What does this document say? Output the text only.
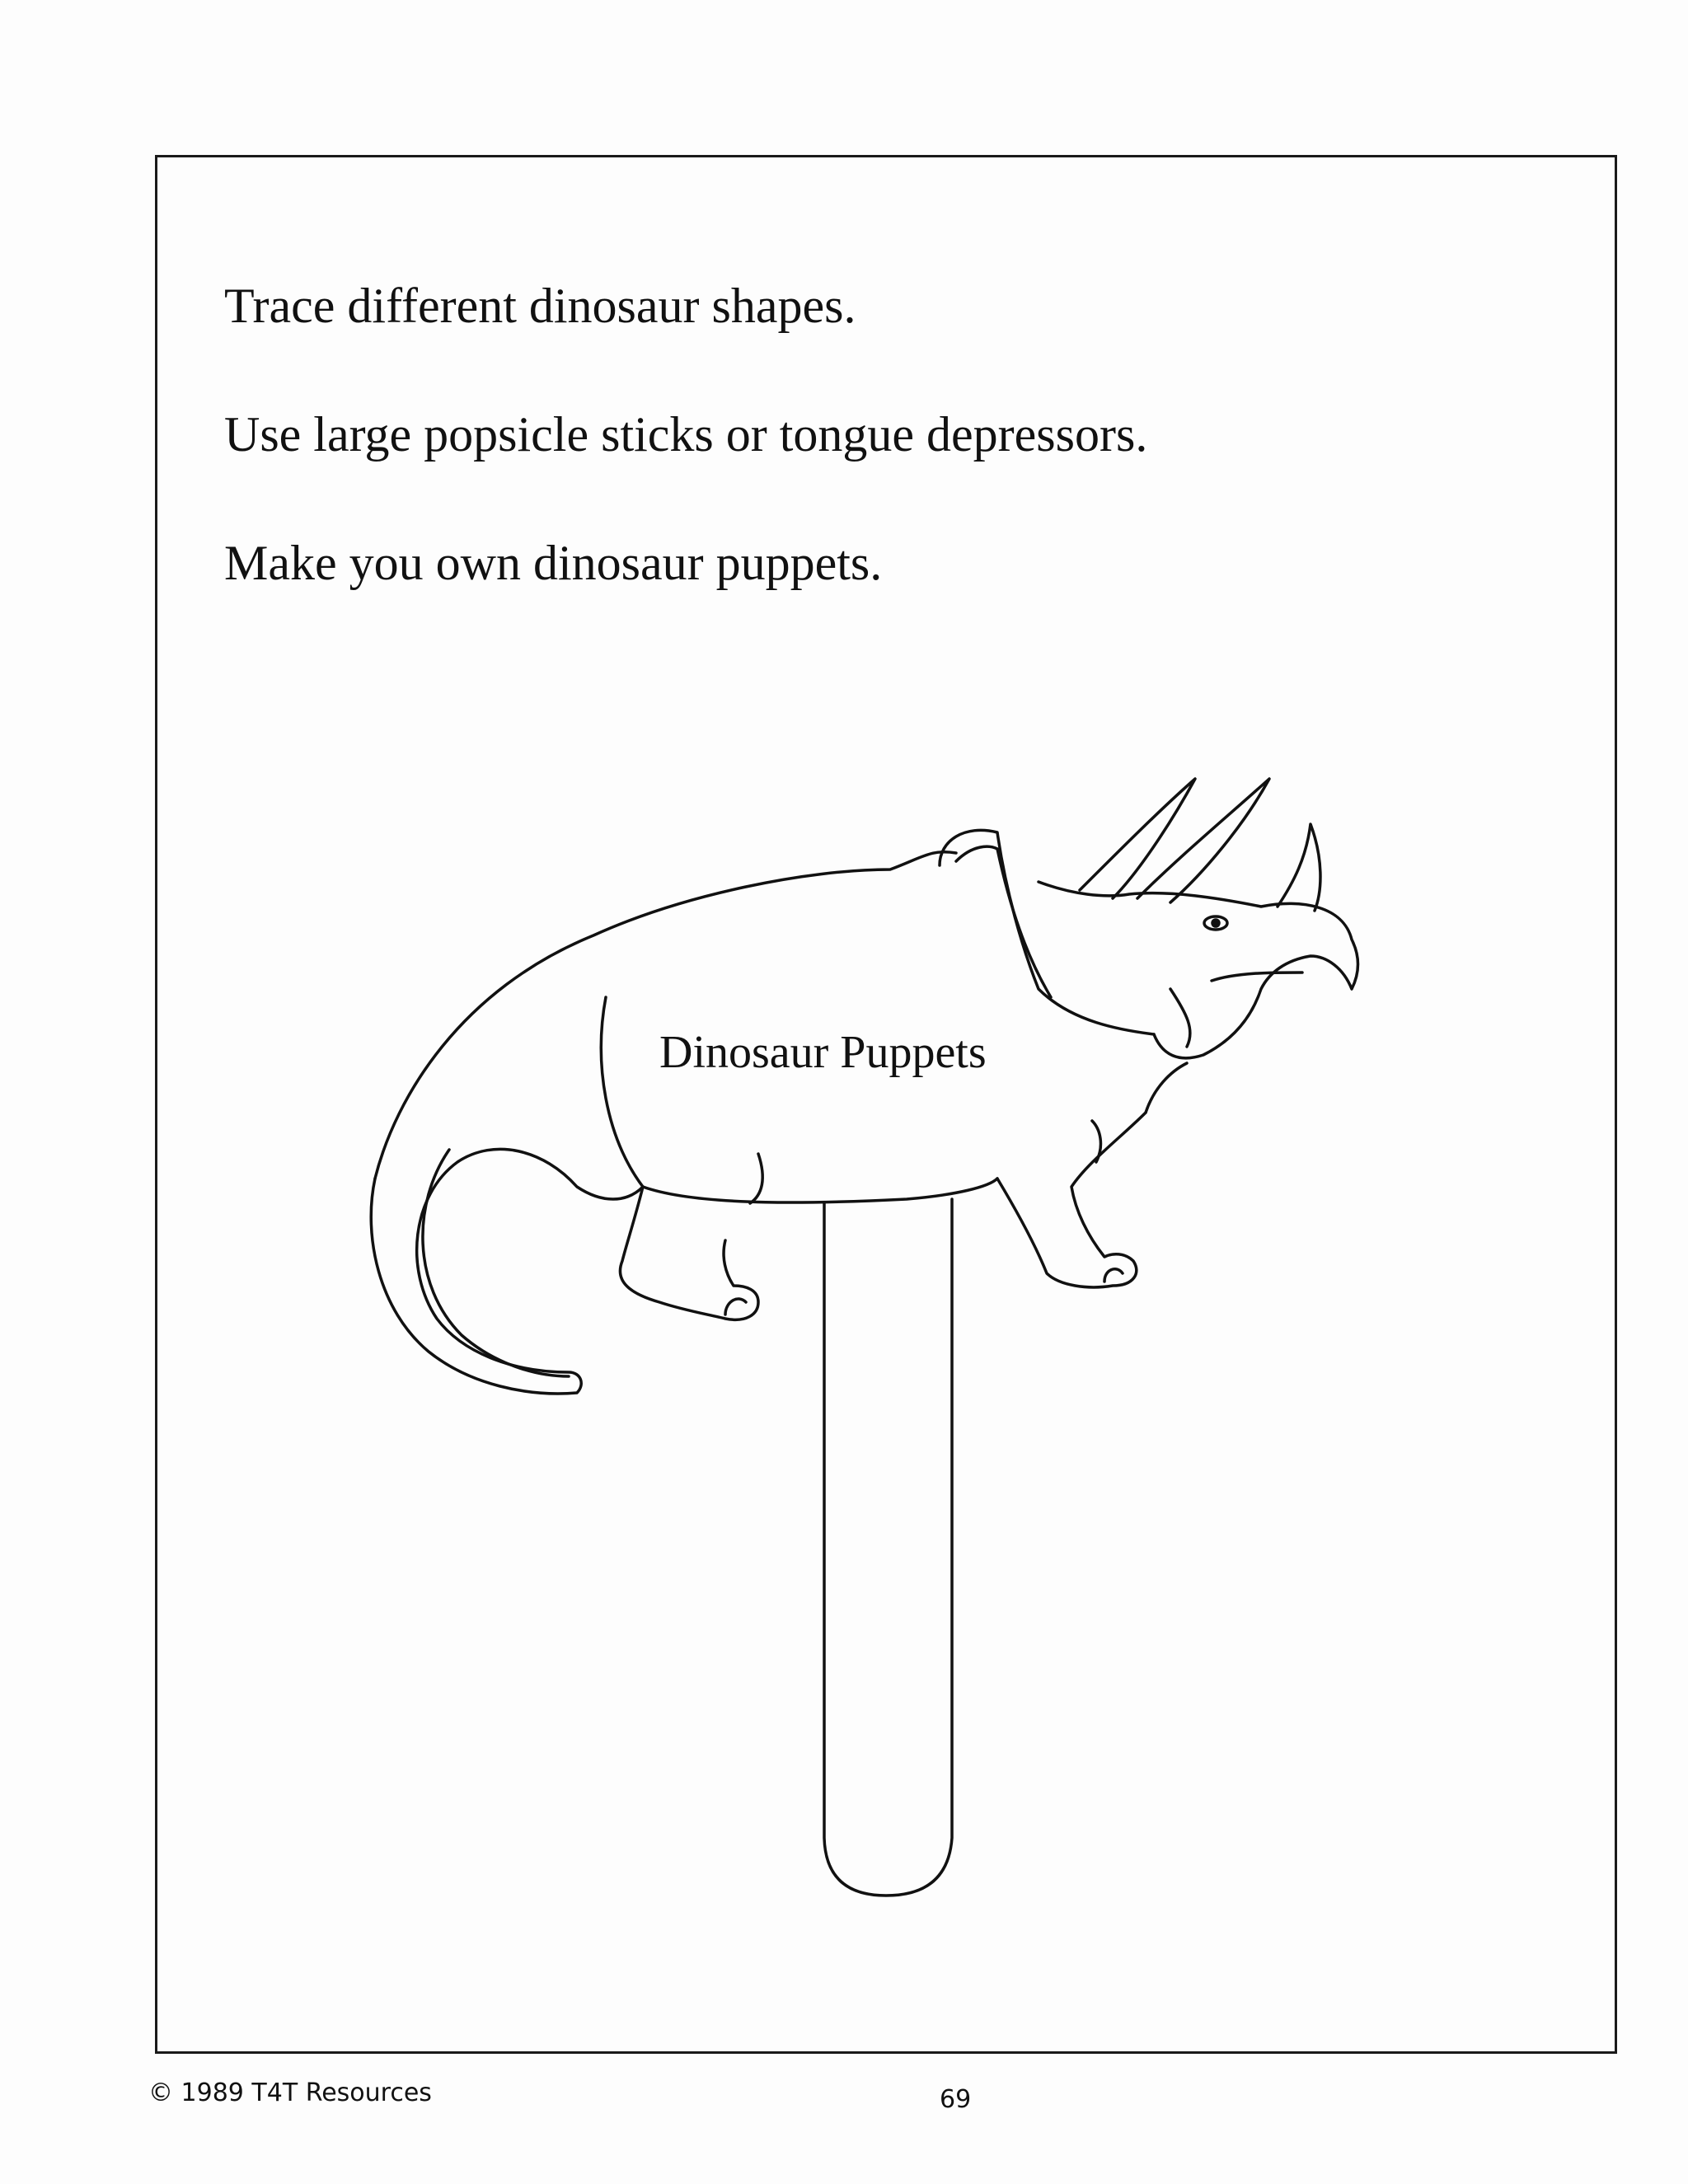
Trace different dinosaur shapes.

Use large popsicle sticks or tongue depressors.

Make you own dinosaur puppets.

Dinosaur Puppets
© 1989 T4T Resources	69
